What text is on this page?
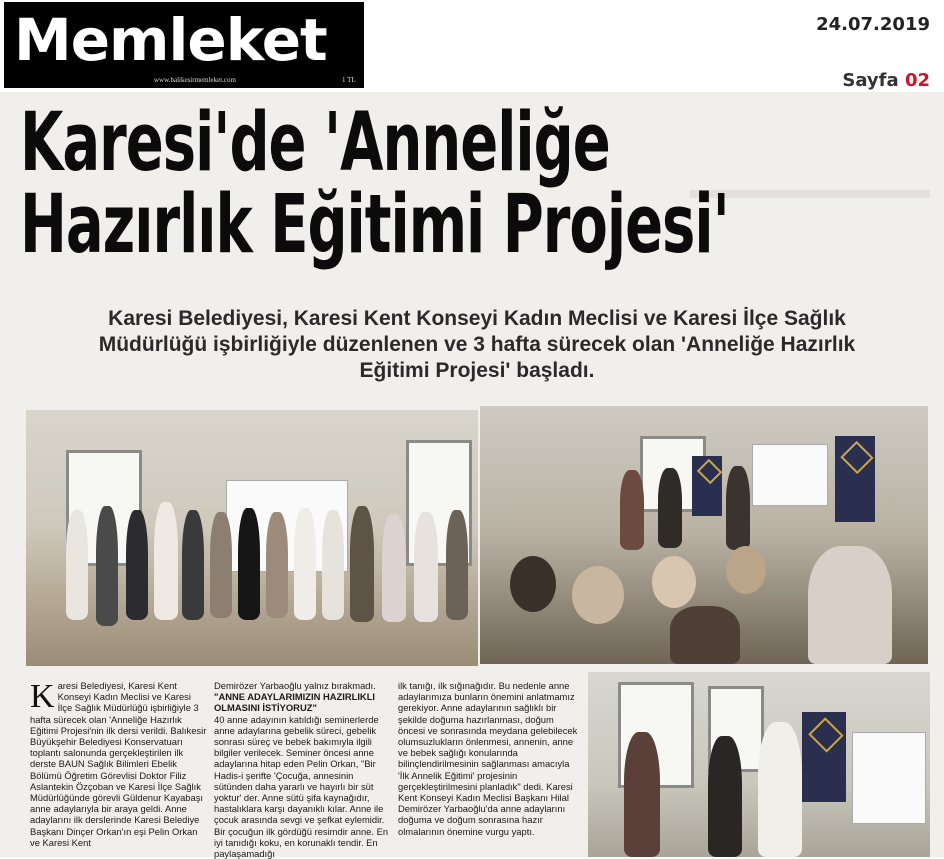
Memleket
www.balikesirmemleket.com	1 TL
24.07.2019
Sayfa 02
Karesi'de 'Anneliğe
Hazırlık Eğitimi Projesi'

Karesi Belediyesi, Karesi Kent Konseyi Kadın Meclisi ve Karesi İlçe Sağlık Müdürlüğü işbirliğiyle düzenlenen ve 3 hafta sürecek olan 'Anneliğe Hazırlık Eğitimi Projesi' başladı.

K aresi Belediyesi, Karesi Kent Konseyi Kadın Meclisi ve Karesi İlçe Sağlık Müdürlüğü işbirliğiyle 3 hafta sürecek olan 'Anneliğe Hazırlık Eğitimi Projesi'nin ilk dersi verildi. Balıkesir Büyükşehir Belediyesi Konservatuarı toplantı salonunda gerçekleştirilen ilk derste BAUN Sağlık Bilimleri Ebelik Bölümü Öğretim Görevlisi Doktor Filiz Aslantekin Özçoban ve Karesi İlçe Sağlık Müdürlüğünde görevli Güldenur Kayabaşı anne adaylarıyla bir araya geldi. Anne adaylarını ilk derslerinde Karesi Belediye Başkanı Dinçer Orkan'ın eşi Pelin Orkan ve Karesi Kent
Demirözer Yarbaoğlu yalnız bırakmadı.
"ANNE ADAYLARIMIZIN HAZIRLIKLI OLMASINI İSTİYORUZ"
40 anne adayının katıldığı seminerlerde anne adaylarına gebelik süreci, gebelik sonrası süreç ve bebek bakımıyla ilgili bilgiler verilecek. Seminer öncesi anne adaylarına hitap eden Pelin Orkan, "Bir Hadis-i şerifte 'Çocuğa, annesinin sütünden daha yararlı ve hayırlı bir süt yoktur' der. Anne sütü şifa kaynağıdır, hastalıklara karşı dayanıklı kılar. Anne ile çocuk arasında sevgi ve şefkat eylemidir. Bir çocuğun ilk gördüğü resimdir anne. En iyi tanıdığı koku, en korunaklı tendir. En paylaşamadığı
ilk tanığı, ilk sığınağıdır. Bu nedenle anne adaylarımıza bunların önemini anlatmamız gerekiyor. Anne adaylarının sağlıklı bir şekilde doğuma hazırlanması, doğum öncesi ve sonrasında meydana gelebilecek olumsuzlukların önlenmesi, annenin, anne ve bebek sağlığı konularında bilinçlendirilmesinin sağlanması amacıyla 'İlk Annelik Eğitimi' projesinin gerçekleştirilmesini planladık" dedi. Karesi Kent Konseyi Kadın Meclisi Başkanı Hilal Demirözer Yarbaoğlu'da anne adaylarını doğuma ve doğum sonrasına hazır olmalarının önemine vurgu yaptı.
